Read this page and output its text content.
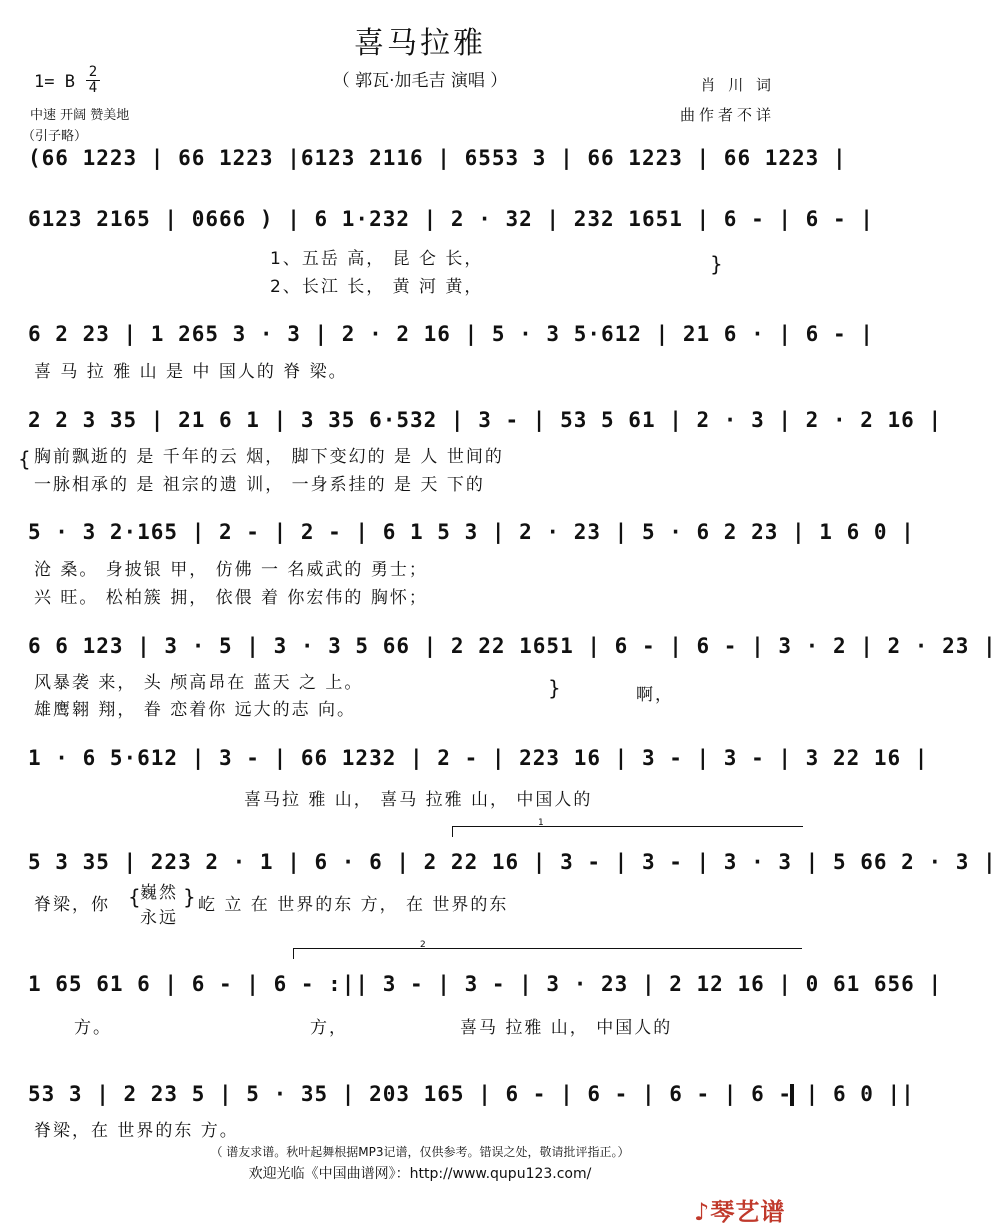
喜马拉雅
（ 郭瓦·加毛吉 演唱 ）
1= B 2
4
中速 开阔 赞美地
（引子略）
肖 川 词
曲作者不详
(66 1223 | 66 1223 |6123 2116 | 6553 3 | 66 1223 | 66 1223 |
6123 2165 | 0666 ) | 6 1·232 | 2 · 32 | 232 1651 | 6 - | 6 - |
1、五岳 高， 昆 仑 长，
2、长江 长， 黄 河 黄，
}
6 2 23 | 1 265 3 · 3 | 2 · 2 16 | 5 · 3 5·612 | 21 6 · | 6 - |
喜 马 拉 雅 山 是 中 国人的 脊 梁。
2 2 3 35 | 21 6 1 | 3 35 6·532 | 3 - | 53 5 61 | 2 · 3 | 2 · 2 16 |
{ 胸前飘逝的 是 千年的云 烟， 脚下变幻的 是 人 世间的
一脉相承的 是 祖宗的遗 训， 一身系挂的 是 天 下的
5 · 3 2·165 | 2 - | 2 - | 6 1 5 3 | 2 · 23 | 5 · 6 2 23 | 1 6 0 |
沧 桑。 身披银 甲， 仿佛 一 名威武的 勇士；
兴 旺。 松柏簇 拥， 依偎 着 你宏伟的 胸怀；
6 6 123 | 3 · 5 | 3 · 3 5 66 | 2 22 1651 | 6 - | 6 - | 3 · 2 | 2 · 23 |
风暴袭 来， 头 颅高昂在 蓝天 之 上。
雄鹰翱 翔， 眷 恋着你 远大的志 向。
}	啊，
1 · 6 5·612 | 3 - | 66 1232 | 2 - | 223 16 | 3 - | 3 - | 3 22 16 |
喜马拉 雅 山， 喜马 拉雅 山， 中国人的
1
5 3 35 | 223 2 · 1 | 6 · 6 | 2 22 16 | 3 - | 3 - | 3 · 3 | 5 66 2 · 3 |
脊梁，你 { 巍然
永远
} 屹 立 在 世界的东 方， 在 世界的东
2
1 65 61 6 | 6 - | 6 - :|| 3 - | 3 - | 3 · 23 | 2 12 16 | 0 61 656 |
方。	方，	喜马 拉雅 山， 中国人的
53 3 | 2 23 5 | 5 · 35 | 203 165 | 6 - | 6 - | 6 - | 6 - | 6 0 ||
脊梁，在 世界的东 方。
（ 谱友求谱。秋叶起舞根据MP3记谱，仅供参考。错误之处，敬请批评指正。）
欢迎光临《中国曲谱网》：http://www.qupu123.com/
♪琴艺谱
